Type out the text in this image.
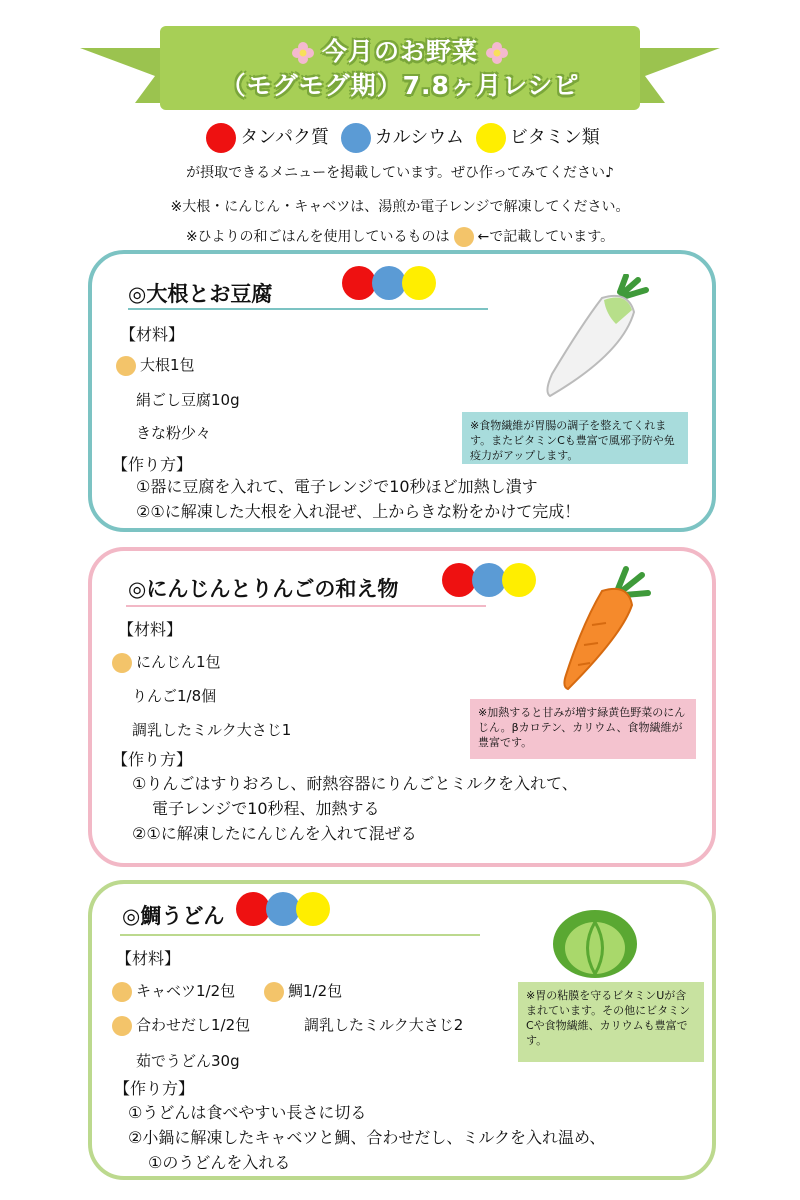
今月のお野菜
（モグモグ期）7.8ヶ月レシピ
タンパク質	カルシウム	ビタミン類
が摂取できるメニューを掲載しています。ぜひ作ってみてください♪
※大根・にんじん・キャベツは、湯煎か電子レンジで解凍してください。
※ひよりの和ごはんを使用しているものは ←で記載しています。
◎大根とお豆腐
【材料】
大根1包
絹ごし豆腐10g
きな粉少々
【作り方】
①器に豆腐を入れて、電子レンジで10秒ほど加熱し潰す
②①に解凍した大根を入れ混ぜ、上からきな粉をかけて完成！
※食物繊維が胃腸の調子を整えてくれます。またビタミンCも豊富で風邪予防や免疫力がアップします。
◎にんじんとりんごの和え物
【材料】
にんじん1包
りんご1/8個
調乳したミルク大さじ1
【作り方】
①りんごはすりおろし、耐熱容器にりんごとミルクを入れて、
電子レンジで10秒程、加熱する
②①に解凍したにんじんを入れて混ぜる
※加熱すると甘みが増す緑黄色野菜のにんじん。βカロテン、カリウム、食物繊維が豊富です。
◎鯛うどん
【材料】
キャベツ1/2包	鯛1/2包
合わせだし1/2包	調乳したミルク大さじ2
茹でうどん30g
【作り方】
①うどんは食べやすい長さに切る
②小鍋に解凍したキャベツと鯛、合わせだし、ミルクを入れ温め、
①のうどんを入れる
※胃の粘膜を守るビタミンUが含まれています。その他にビタミンCや食物繊維、カリウムも豊富です。
